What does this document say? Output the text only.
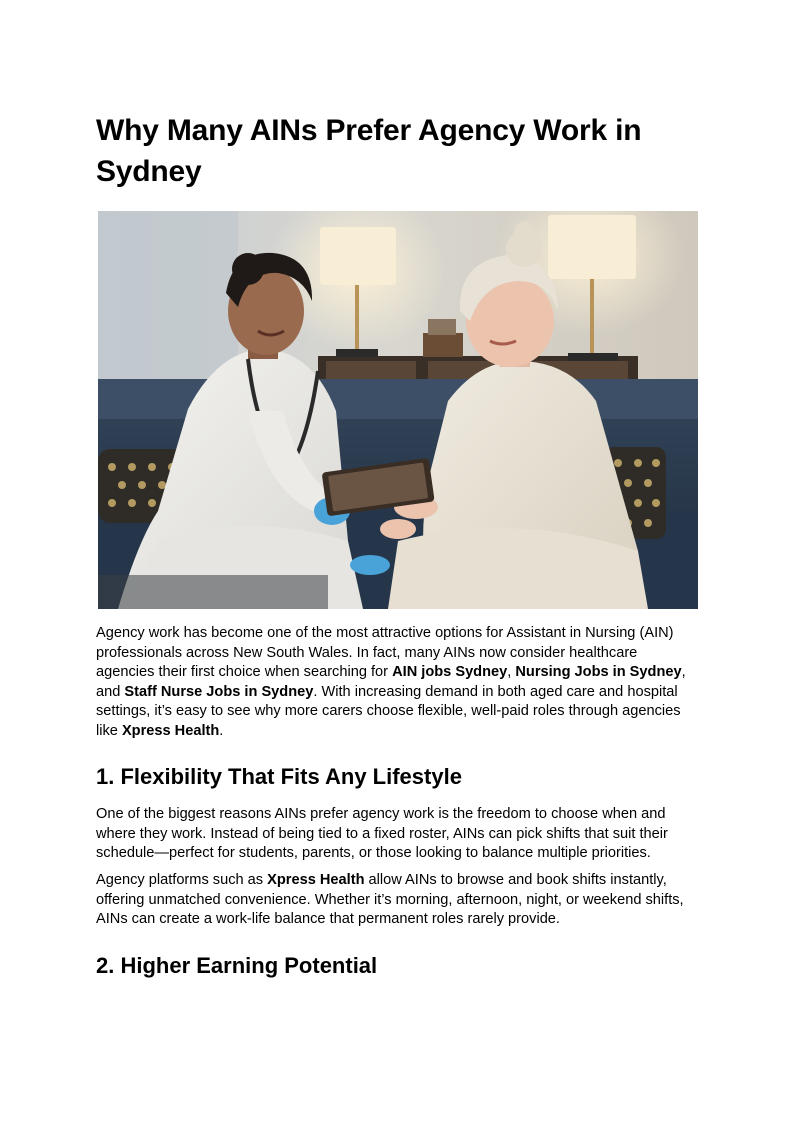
Why Many AINs Prefer Agency Work in Sydney

Agency work has become one of the most attractive options for Assistant in Nursing (AIN) professionals across New South Wales. In fact, many AINs now consider healthcare agencies their first choice when searching for AIN jobs Sydney, Nursing Jobs in Sydney, and Staff Nurse Jobs in Sydney. With increasing demand in both aged care and hospital settings, it’s easy to see why more carers choose flexible, well-paid roles through agencies like Xpress Health.

1. Flexibility That Fits Any Lifestyle

One of the biggest reasons AINs prefer agency work is the freedom to choose when and where they work. Instead of being tied to a fixed roster, AINs can pick shifts that suit their schedule—perfect for students, parents, or those looking to balance multiple priorities.

Agency platforms such as Xpress Health allow AINs to browse and book shifts instantly, offering unmatched convenience. Whether it’s morning, afternoon, night, or weekend shifts, AINs can create a work-life balance that permanent roles rarely provide.

2. Higher Earning Potential
